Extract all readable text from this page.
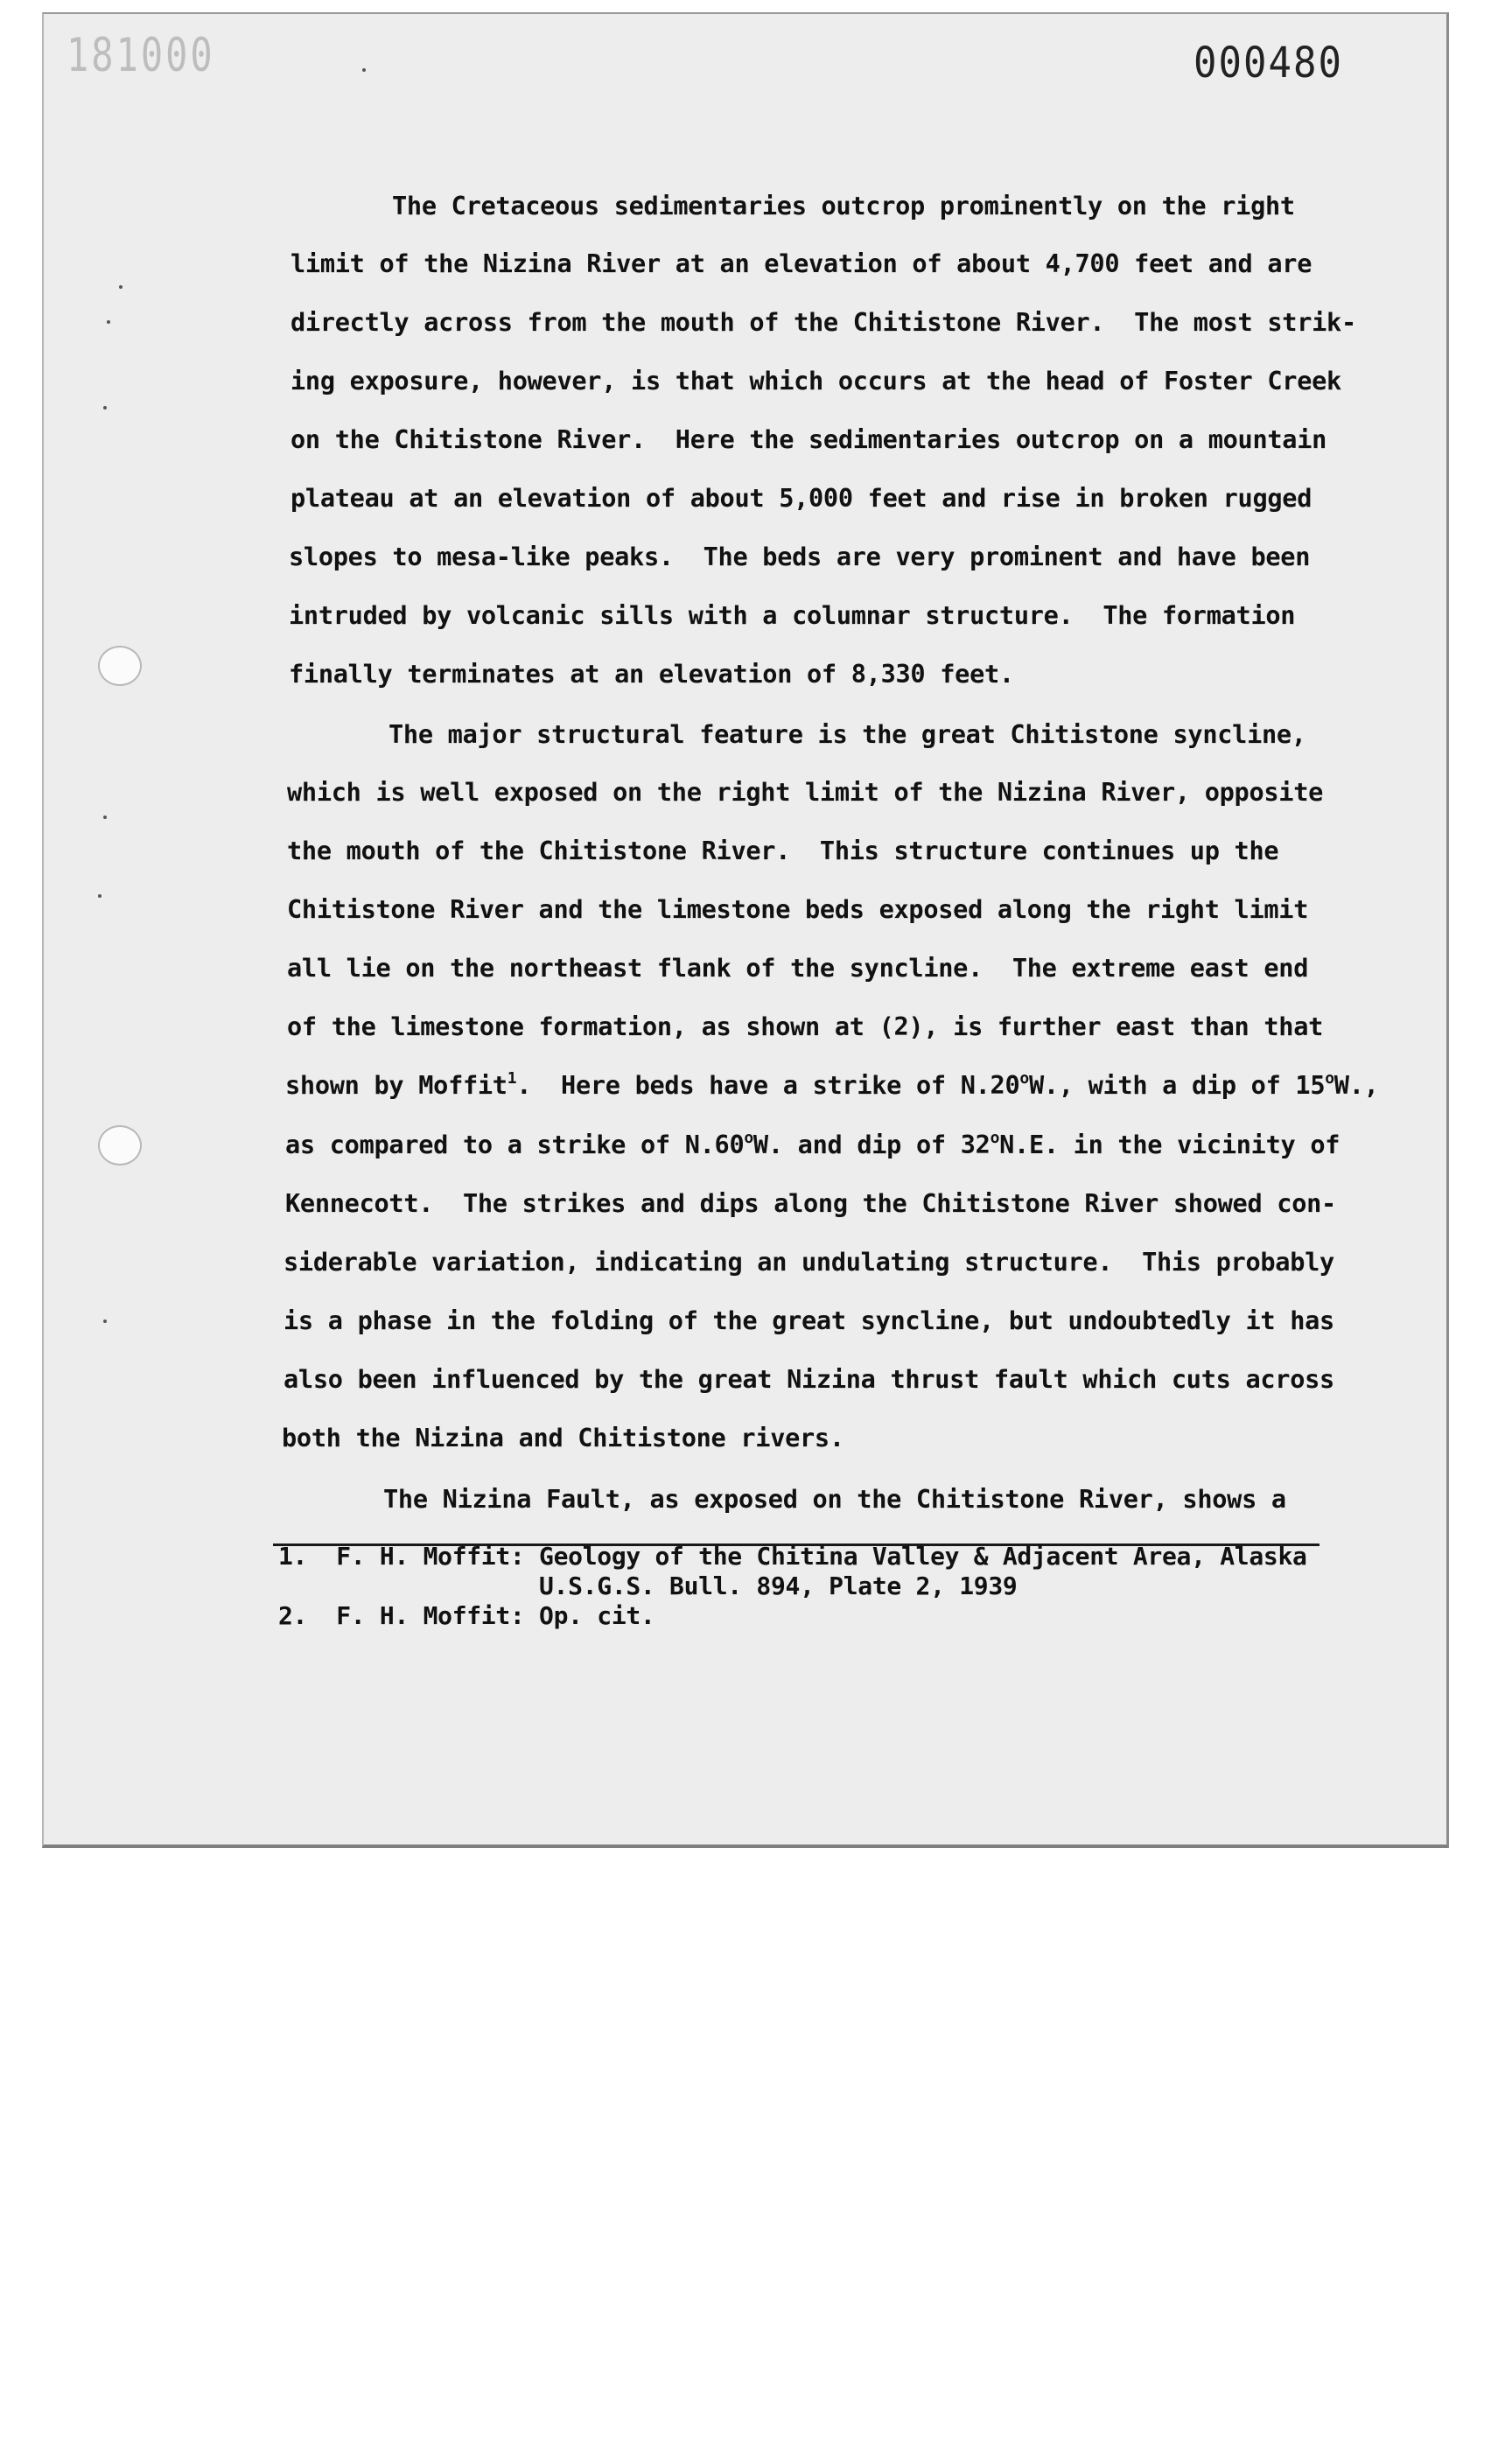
181000	000480
The Cretaceous sedimentaries outcrop prominently on the right
limit of the Nizina River at an elevation of about 4,700 feet and are
directly across from the mouth of the Chitistone River.  The most strik-
ing exposure, however, is that which occurs at the head of Foster Creek
on the Chitistone River.  Here the sedimentaries outcrop on a mountain
plateau at an elevation of about 5,000 feet and rise in broken rugged
slopes to mesa-like peaks.  The beds are very prominent and have been
intruded by volcanic sills with a columnar structure.  The formation
finally terminates at an elevation of 8,330 feet.
The major structural feature is the great Chitistone syncline,
which is well exposed on the right limit of the Nizina River, opposite
the mouth of the Chitistone River.  This structure continues up the
Chitistone River and the limestone beds exposed along the right limit
all lie on the northeast flank of the syncline.  The extreme east end
of the limestone formation, as shown at (2), is further east than that
shown by Moffit$^1$.  Here beds have a strike of N.20$^o$W., with a dip of 15$^o$W.,
as compared to a strike of N.60$^o$W. and dip of 32$^o$N.E. in the vicinity of
Kennecott.  The strikes and dips along the Chitistone River showed con-
siderable variation, indicating an undulating structure.  This probably
is a phase in the folding of the great syncline, but undoubtedly it has
also been influenced by the great Nizina thrust fault which cuts across
both the Nizina and Chitistone rivers.
The Nizina Fault, as exposed on the Chitistone River, shows a
1.  F. H. Moffit: Geology of the Chitina Valley & Adjacent Area, Alaska
U.S.G.S. Bull. 894, Plate 2, 1939
2.  F. H. Moffit: Op. cit.
